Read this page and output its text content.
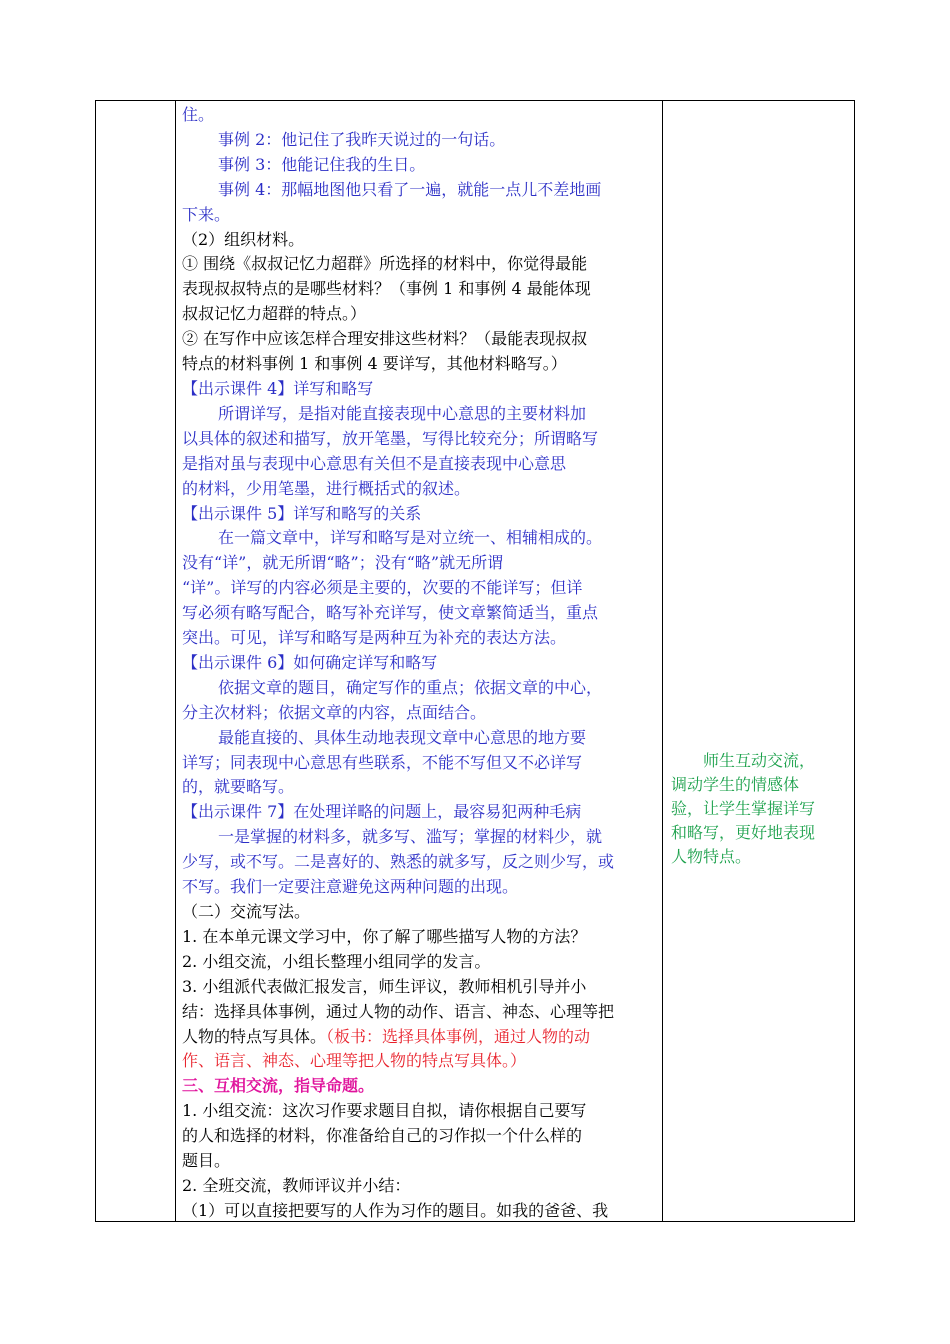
住。

事例 2：他记住了我昨天说过的一句话。

事例 3：他能记住我的生日。

事例 4：那幅地图他只看了一遍，就能一点儿不差地画

下来。

（2）组织材料。

① 围绕《叔叔记忆力超群》所选择的材料中，你觉得最能

表现叔叔特点的是哪些材料？（事例 1 和事例 4 最能体现

叔叔记忆力超群的特点。）

② 在写作中应该怎样合理安排这些材料？（最能表现叔叔

特点的材料事例 1 和事例 4 要详写，其他材料略写。）

【出示课件 4】详写和略写

所谓详写，是指对能直接表现中心意思的主要材料加

以具体的叙述和描写，放开笔墨，写得比较充分；所谓略写

是指对虽与表现中心意思有关但不是直接表现中心意思

的材料，少用笔墨，进行概括式的叙述。

【出示课件 5】详写和略写的关系

在一篇文章中，详写和略写是对立统一、相辅相成的。

没有“详”，就无所谓“略”；没有“略”就无所谓

“详”。详写的内容必须是主要的，次要的不能详写；但详

写必须有略写配合，略写补充详写，使文章繁简适当，重点

突出。可见，详写和略写是两种互为补充的表达方法。

【出示课件 6】如何确定详写和略写

依据文章的题目，确定写作的重点；依据文章的中心，

分主次材料；依据文章的内容，点面结合。

最能直接的、具体生动地表现文章中心意思的地方要

详写；同表现中心意思有些联系，不能不写但又不必详写

的，就要略写。

【出示课件 7】在处理详略的问题上，最容易犯两种毛病

一是掌握的材料多，就多写、滥写；掌握的材料少，就

少写，或不写。二是喜好的、熟悉的就多写，反之则少写，或

不写。我们一定要注意避免这两种问题的出现。

（二）交流写法。

1. 在本单元课文学习中，你了解了哪些描写人物的方法？

2. 小组交流，小组长整理小组同学的发言。

3. 小组派代表做汇报发言，师生评议，教师相机引导并小

结：选择具体事例，通过人物的动作、语言、神态、心理等把

人物的特点写具体。（板书：选择具体事例，通过人物的动

作、语言、神态、心理等把人物的特点写具体。）

三、互相交流，指导命题。

1. 小组交流：这次习作要求题目自拟，请你根据自己要写

的人和选择的材料，你准备给自己的习作拟一个什么样的

题目。

2. 全班交流，教师评议并小结：

（1）可以直接把要写的人作为习作的题目。如我的爸爸、我

　　师生互动交流，

调动学生的情感体

验，让学生掌握详写

和略写，更好地表现

人物特点。
